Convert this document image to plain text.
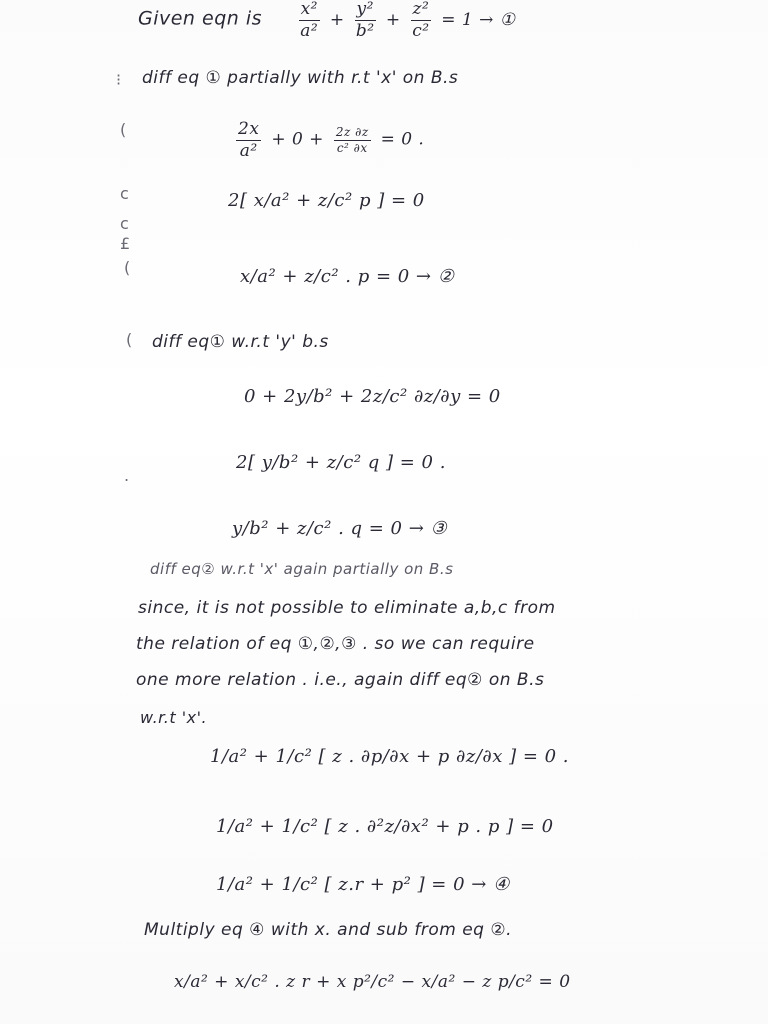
⁝
(
c
c
£
(
(
.
Given eqn is $\frac{\text{x²}}{\text{a²}} + \frac{\text{y²}}{\text{b²}} + \frac{\text{z²}}{\text{c²}} = 1$ → ①
diff eq ① partially with r.t 'x' on B.s
$\frac{2x}{\text{a²}} + 0 + \frac{2z \partial z}{\text{c² ∂x}} = 0$ .
2[ x/a² + z/c² p ] = 0
x/a² + z/c² . p = 0 → ②
diff eq① w.r.t 'y' b.s
0 + 2y/b² + 2z/c² ∂z/∂y = 0
2[ y/b² + z/c² q ] = 0 .
y/b² + z/c² . q = 0 → ③
diff eq② w.r.t 'x' again partially on B.s
since, it is not possible to eliminate a,b,c from
the relation of eq ①,②,③ . so we can require
one more relation . i.e., again diff eq② on B.s
w.r.t 'x'.
1/a² + 1/c² [ z . ∂p/∂x + p ∂z/∂x ] = 0 .
1/a² + 1/c² [ z . ∂²z/∂x² + p . p ] = 0
1/a² + 1/c² [ z.r + p² ] = 0 → ④
Multiply eq ④ with x. and sub from eq ②.
x/a² + x/c² . z r + x p²/c² − x/a² − z p/c² = 0
